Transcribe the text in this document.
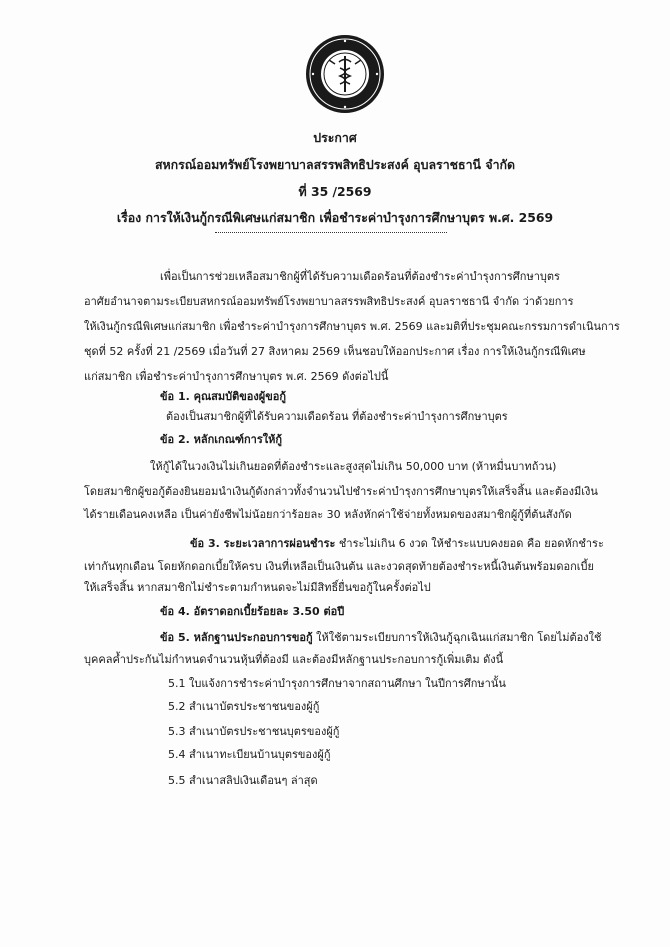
ประกาศ
สหกรณ์ออมทรัพย์โรงพยาบาลสรรพสิทธิประสงค์ อุบลราชธานี จำกัด
ที่ 35 /2569
เรื่อง การให้เงินกู้กรณีพิเศษแก่สมาชิก เพื่อชำระค่าบำรุงการศึกษาบุตร พ.ศ. 2569
เพื่อเป็นการช่วยเหลือสมาชิกผู้ที่ได้รับความเดือดร้อนที่ต้องชำระค่าบำรุงการศึกษาบุตร
อาศัยอำนาจตามระเบียบสหกรณ์ออมทรัพย์โรงพยาบาลสรรพสิทธิประสงค์ อุบลราชธานี จำกัด ว่าด้วยการ
ให้เงินกู้กรณีพิเศษแก่สมาชิก เพื่อชำระค่าบำรุงการศึกษาบุตร พ.ศ. 2569 และมติที่ประชุมคณะกรรมการดำเนินการ
ชุดที่ 52 ครั้งที่ 21 /2569 เมื่อวันที่ 27 สิงหาคม 2569 เห็นชอบให้ออกประกาศ เรื่อง การให้เงินกู้กรณีพิเศษ
แก่สมาชิก เพื่อชำระค่าบำรุงการศึกษาบุตร พ.ศ. 2569 ดังต่อไปนี้
ข้อ 1. คุณสมบัติของผู้ขอกู้
ต้องเป็นสมาชิกผู้ที่ได้รับความเดือดร้อน ที่ต้องชำระค่าบำรุงการศึกษาบุตร
ข้อ 2. หลักเกณฑ์การให้กู้
ให้กู้ได้ในวงเงินไม่เกินยอดที่ต้องชำระและสูงสุดไม่เกิน 50,000 บาท (ห้าหมื่นบาทถ้วน)
โดยสมาชิกผู้ขอกู้ต้องยินยอมนำเงินกู้ดังกล่าวทั้งจำนวนไปชำระค่าบำรุงการศึกษาบุตรให้เสร็จสิ้น และต้องมีเงิน
ได้รายเดือนคงเหลือ เป็นค่ายังชีพไม่น้อยกว่าร้อยละ 30 หลังหักค่าใช้จ่ายทั้งหมดของสมาชิกผู้กู้ที่ต้นสังกัด
ข้อ 3. ระยะเวลาการผ่อนชำระ ชำระไม่เกิน 6 งวด ให้ชำระแบบคงยอด คือ ยอดหักชำระ
เท่ากันทุกเดือน โดยหักดอกเบี้ยให้ครบ เงินที่เหลือเป็นเงินต้น และงวดสุดท้ายต้องชำระหนี้เงินต้นพร้อมดอกเบี้ย
ให้เสร็จสิ้น หากสมาชิกไม่ชำระตามกำหนดจะไม่มีสิทธิ์ยื่นขอกู้ในครั้งต่อไป
ข้อ 4. อัตราดอกเบี้ยร้อยละ 3.50 ต่อปี
ข้อ 5. หลักฐานประกอบการขอกู้ ให้ใช้ตามระเบียบการให้เงินกู้ฉุกเฉินแก่สมาชิก โดยไม่ต้องใช้
บุคคลค้ำประกันไม่กำหนดจำนวนหุ้นที่ต้องมี และต้องมีหลักฐานประกอบการกู้เพิ่มเติม ดังนี้
5.1 ใบแจ้งการชำระค่าบำรุงการศึกษาจากสถานศึกษา ในปีการศึกษานั้น
5.2 สำเนาบัตรประชาชนของผู้กู้
5.3 สำเนาบัตรประชาชนบุตรของผู้กู้
5.4 สำเนาทะเบียนบ้านบุตรของผู้กู้
5.5 สำเนาสลิปเงินเดือนๆ ล่าสุด
